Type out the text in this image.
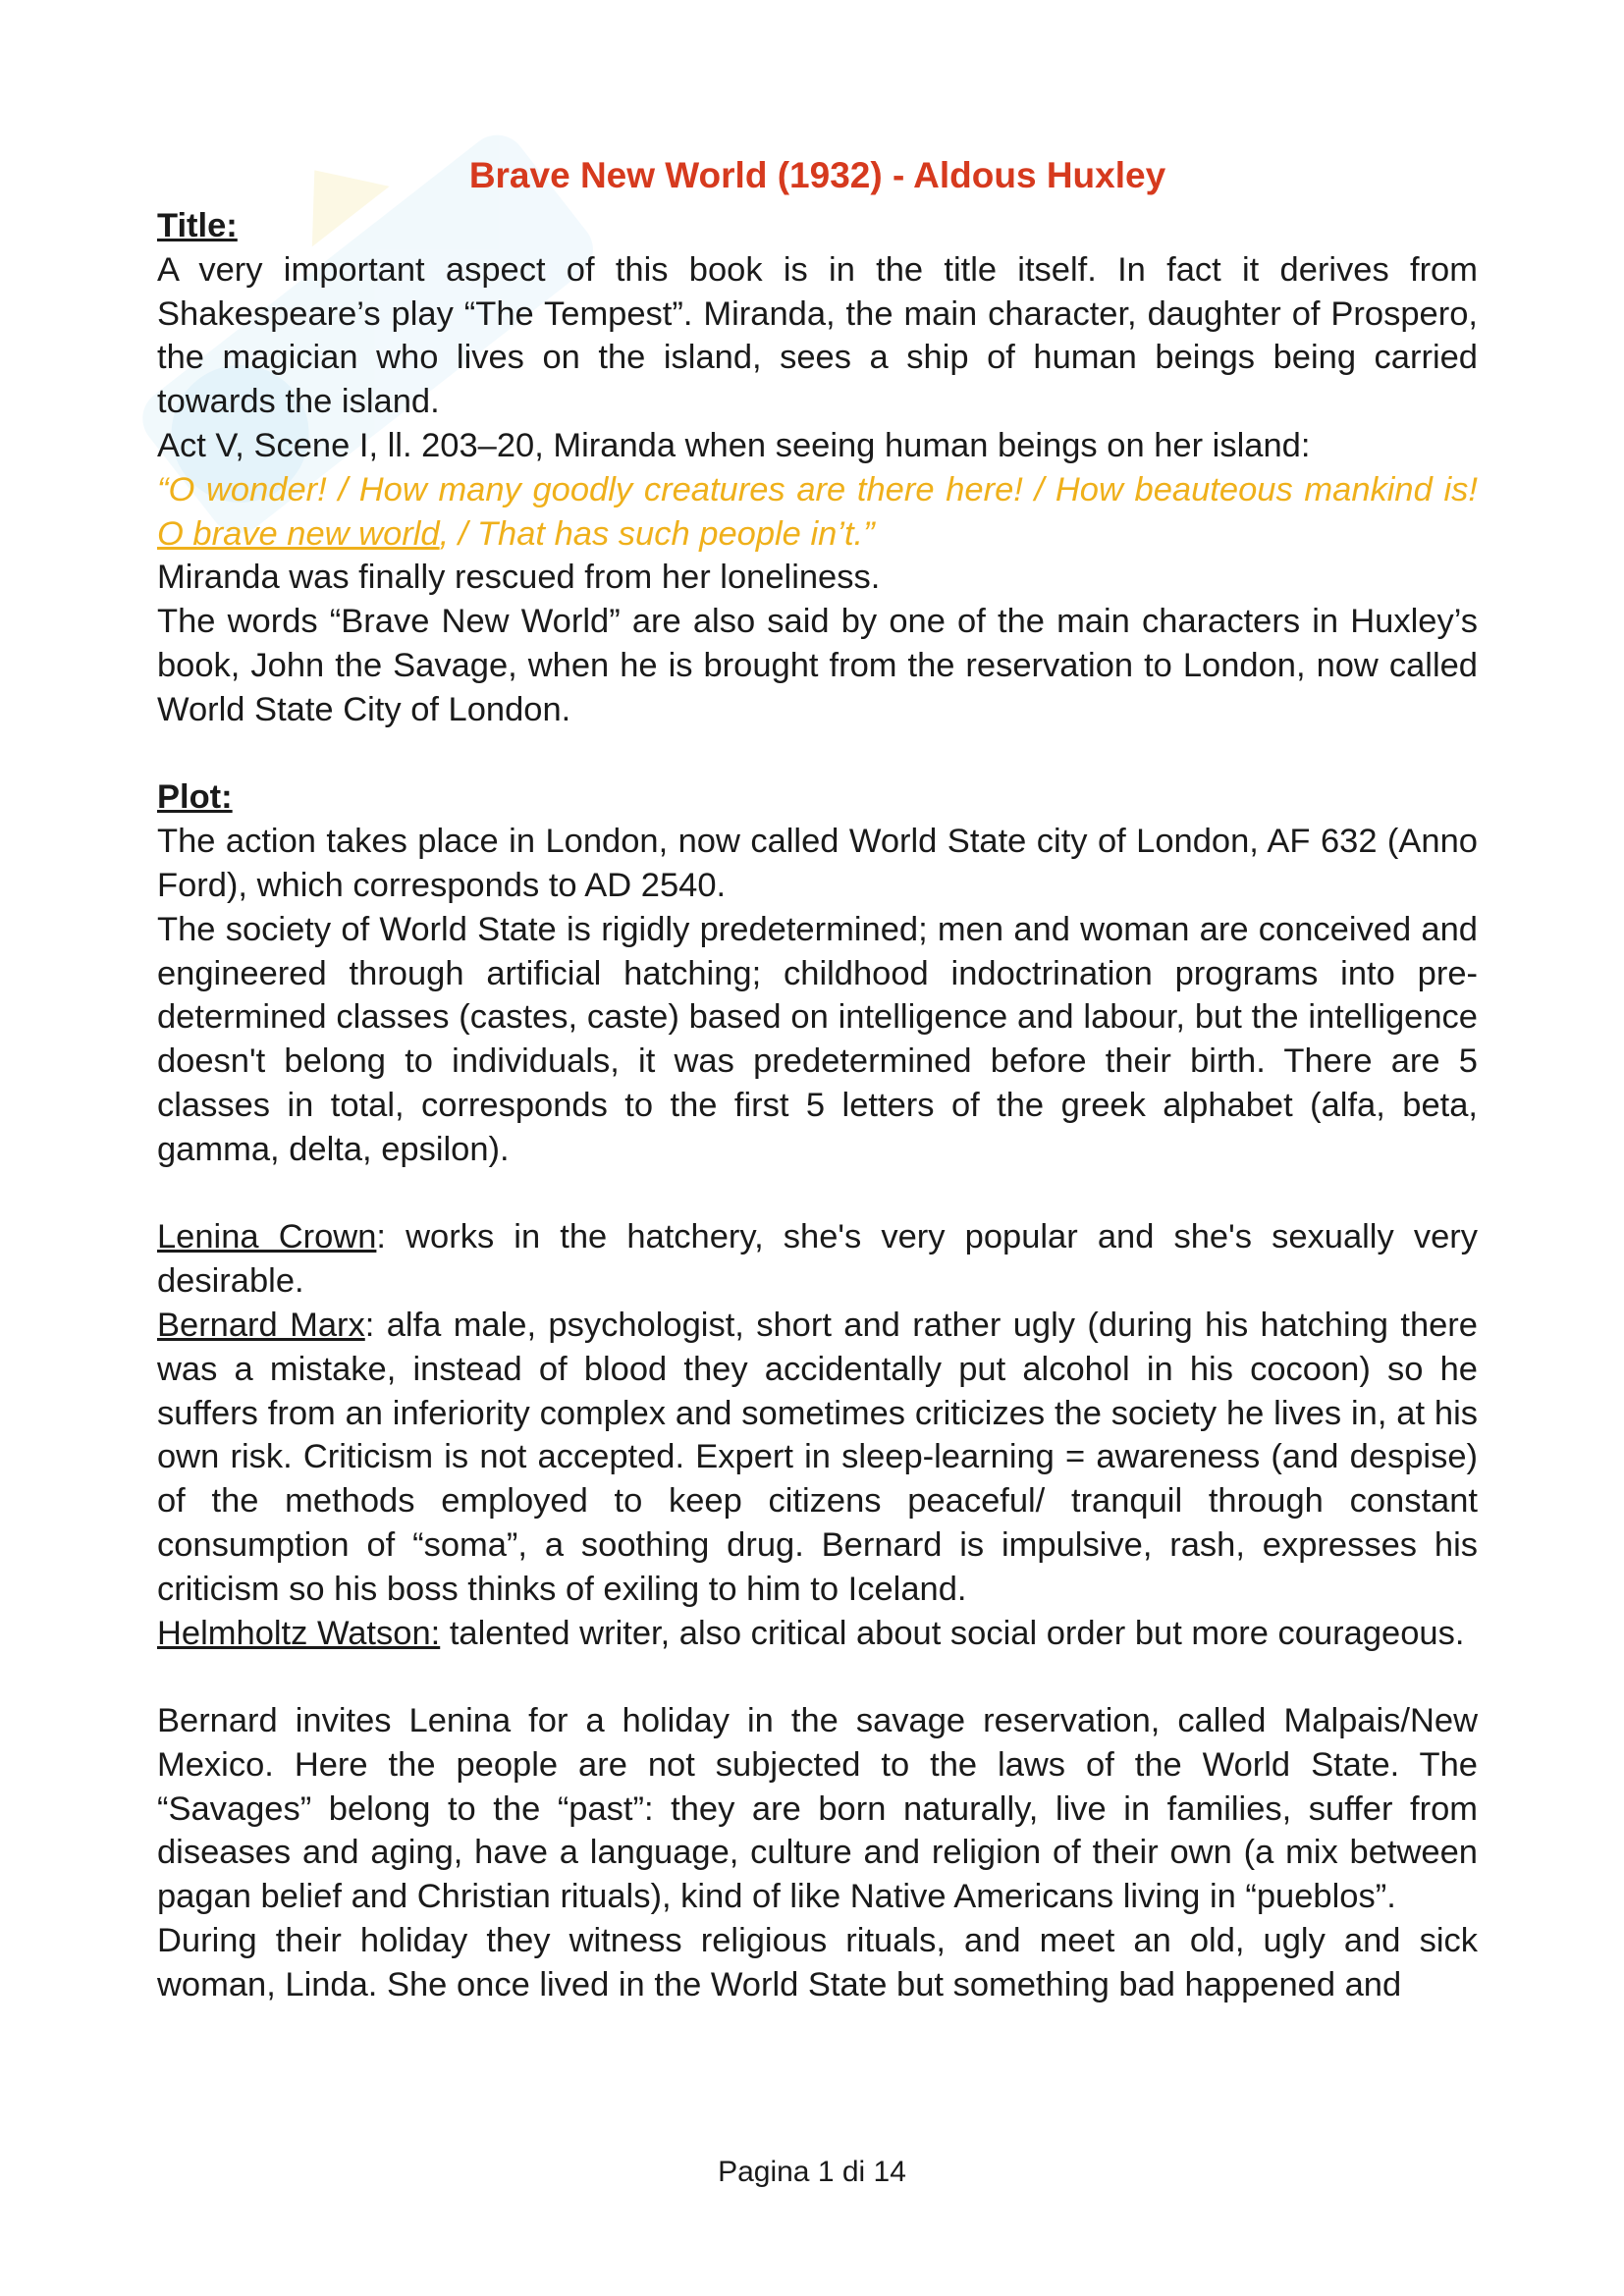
Brave New World (1932) - Aldous Huxley
Title:

A very important aspect of this book is in the title itself. In fact it derives from Shakespeare’s play “The Tempest”. Miranda, the main character, daughter of Prospero, the magician who lives on the island, sees a ship of human beings being carried towards the island.

Act V, Scene I, ll. 203–20, Miranda when seeing human beings on her island:

“O wonder! / How many goodly creatures are there here! / How beauteous mankind is! O brave new world, / That has such people in’t.”

Miranda was finally rescued from her loneliness.

The words “Brave New World” are also said by one of the main characters in Huxley’s book, John the Savage, when he is brought from the reservation to London, now called World State City of London.

Plot:

The action takes place in London, now called World State city of London, AF 632 (Anno Ford), which corresponds to AD 2540.

The society of World State is rigidly predetermined; men and woman are conceived and engineered through artificial hatching; childhood indoctrination programs into pre-determined classes (castes, caste) based on intelligence and labour, but the intelligence doesn't belong to individuals, it was predetermined before their birth. There are 5 classes in total, corresponds to the first 5 letters of the greek alphabet (alfa, beta, gamma, delta, epsilon).

Lenina Crown: works in the hatchery, she's very popular and she's sexually very desirable.

Bernard Marx: alfa male, psychologist, short and rather ugly (during his hatching there was a mistake, instead of blood they accidentally put alcohol in his cocoon) so he suffers from an inferiority complex and sometimes criticizes the society he lives in, at his own risk. Criticism is not accepted. Expert in sleep-learning = awareness (and despise) of the methods employed to keep citizens peaceful/ tranquil through constant consumption of “soma”, a soothing drug. Bernard is impulsive, rash, expresses his criticism so his boss thinks of exiling to him to Iceland.

Helmholtz Watson: talented writer, also critical about social order but more courageous.

Bernard invites Lenina for a holiday in the savage reservation, called Malpais/New Mexico. Here the people are not subjected to the laws of the World State. The “Savages” belong to the “past”: they are born naturally, live in families, suffer from diseases and aging, have a language, culture and religion of their own (a mix between pagan belief and Christian rituals), kind of like Native Americans living in “pueblos”.

During their holiday they witness religious rituals, and meet an old, ugly and sick woman, Linda. She once lived in the World State but something bad happened and

Pagina 1 di 14
